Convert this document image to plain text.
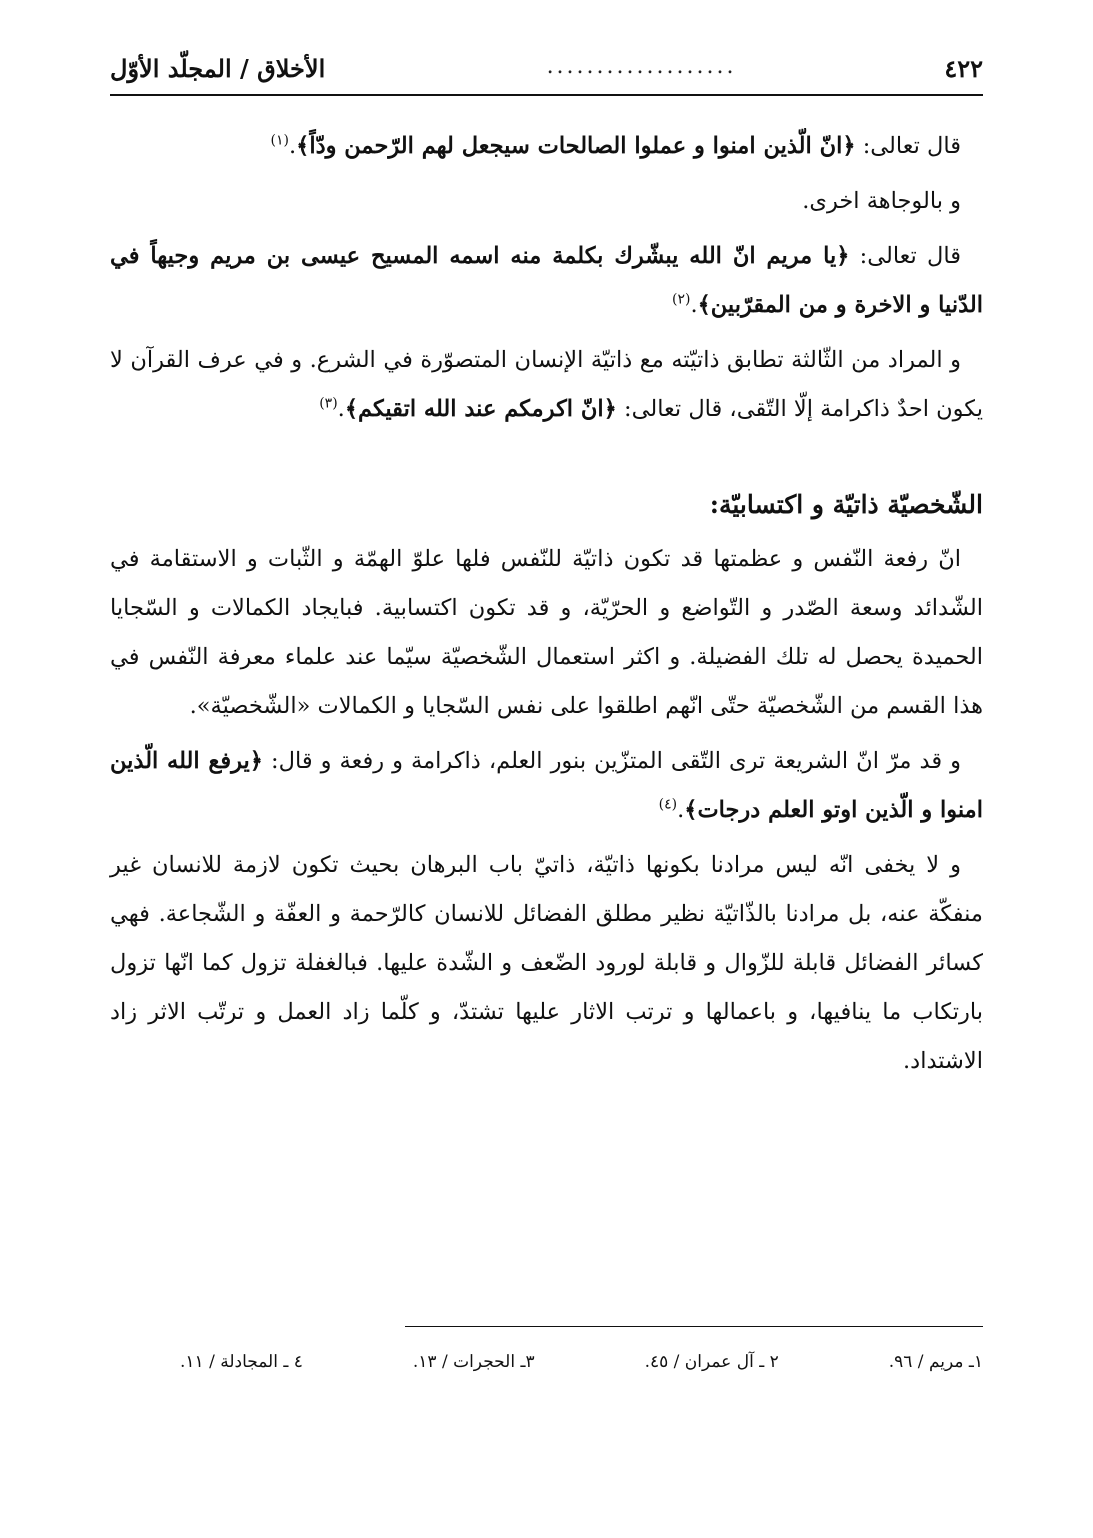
٤٢٢
...................
الأخلاق / المجلّد الأوّل

قال تعالى: ﴿انّ الّذين امنوا و عملوا الصالحات سيجعل لهم الرّحمن ودّاً﴾.$^{(١)}$

و بالوجاهة اخرى.

قال تعالى: ﴿يا مريم انّ الله يبشّرك بكلمة منه اسمه المسيح عيسى بن مريم وجيهاً في الدّنيا و الاخرة و من المقرّبين﴾.$^{(٢)}$

و المراد من الثّالثة تطابق ذاتيّته مع ذاتيّة الإنسان المتصوّرة في الشرع. و في عرف القرآن لا يكون احدٌ ذاكرامة إلّا التّقى، قال تعالى: ﴿انّ اكرمكم عند الله اتقيكم﴾.$^{(٣)}$

الشّخصيّة ذاتيّة و اكتسابيّة:

انّ رفعة النّفس و عظمتها قد تكون ذاتيّة للنّفس فلها علوّ الهمّة و الثّبات و الاستقامة في الشّدائد وسعة الصّدر و التّواضع و الحرّيّة، و قد تكون اكتسابية. فبايجاد الكمالات و السّجايا الحميدة يحصل له تلك الفضيلة. و اكثر استعمال الشّخصيّة سيّما عند علماء معرفة النّفس في هذا القسم من الشّخصيّة حتّى انّهم اطلقوا على نفس السّجايا و الكمالات «الشّخصيّة».

و قد مرّ انّ الشريعة ترى التّقى المتزّين بنور العلم، ذاكرامة و رفعة و قال: ﴿يرفع الله الّذين امنوا و الّذين اوتو العلم درجات﴾.$^{(٤)}$

و لا يخفى انّه ليس مرادنا بكونها ذاتيّة، ذاتيّ باب البرهان بحيث تكون لازمة للانسان غير منفكّة عنه، بل مرادنا بالذّاتيّة نظير مطلق الفضائل للانسان كالرّحمة و العفّة و الشّجاعة. فهي كسائر الفضائل قابلة للزّوال و قابلة لورود الضّعف و الشّدة عليها. فبالغفلة تزول كما انّها تزول بارتكاب ما ينافيها، و باعمالها و ترتب الاثار عليها تشتدّ، و كلّما زاد العمل و ترتّب الاثر زاد الاشتداد.

١ـ مريم / ٩٦.
٢ ـ آل عمران / ٤٥.
٣ـ الحجرات / ١٣.
٤ ـ المجادلة / ١١.
